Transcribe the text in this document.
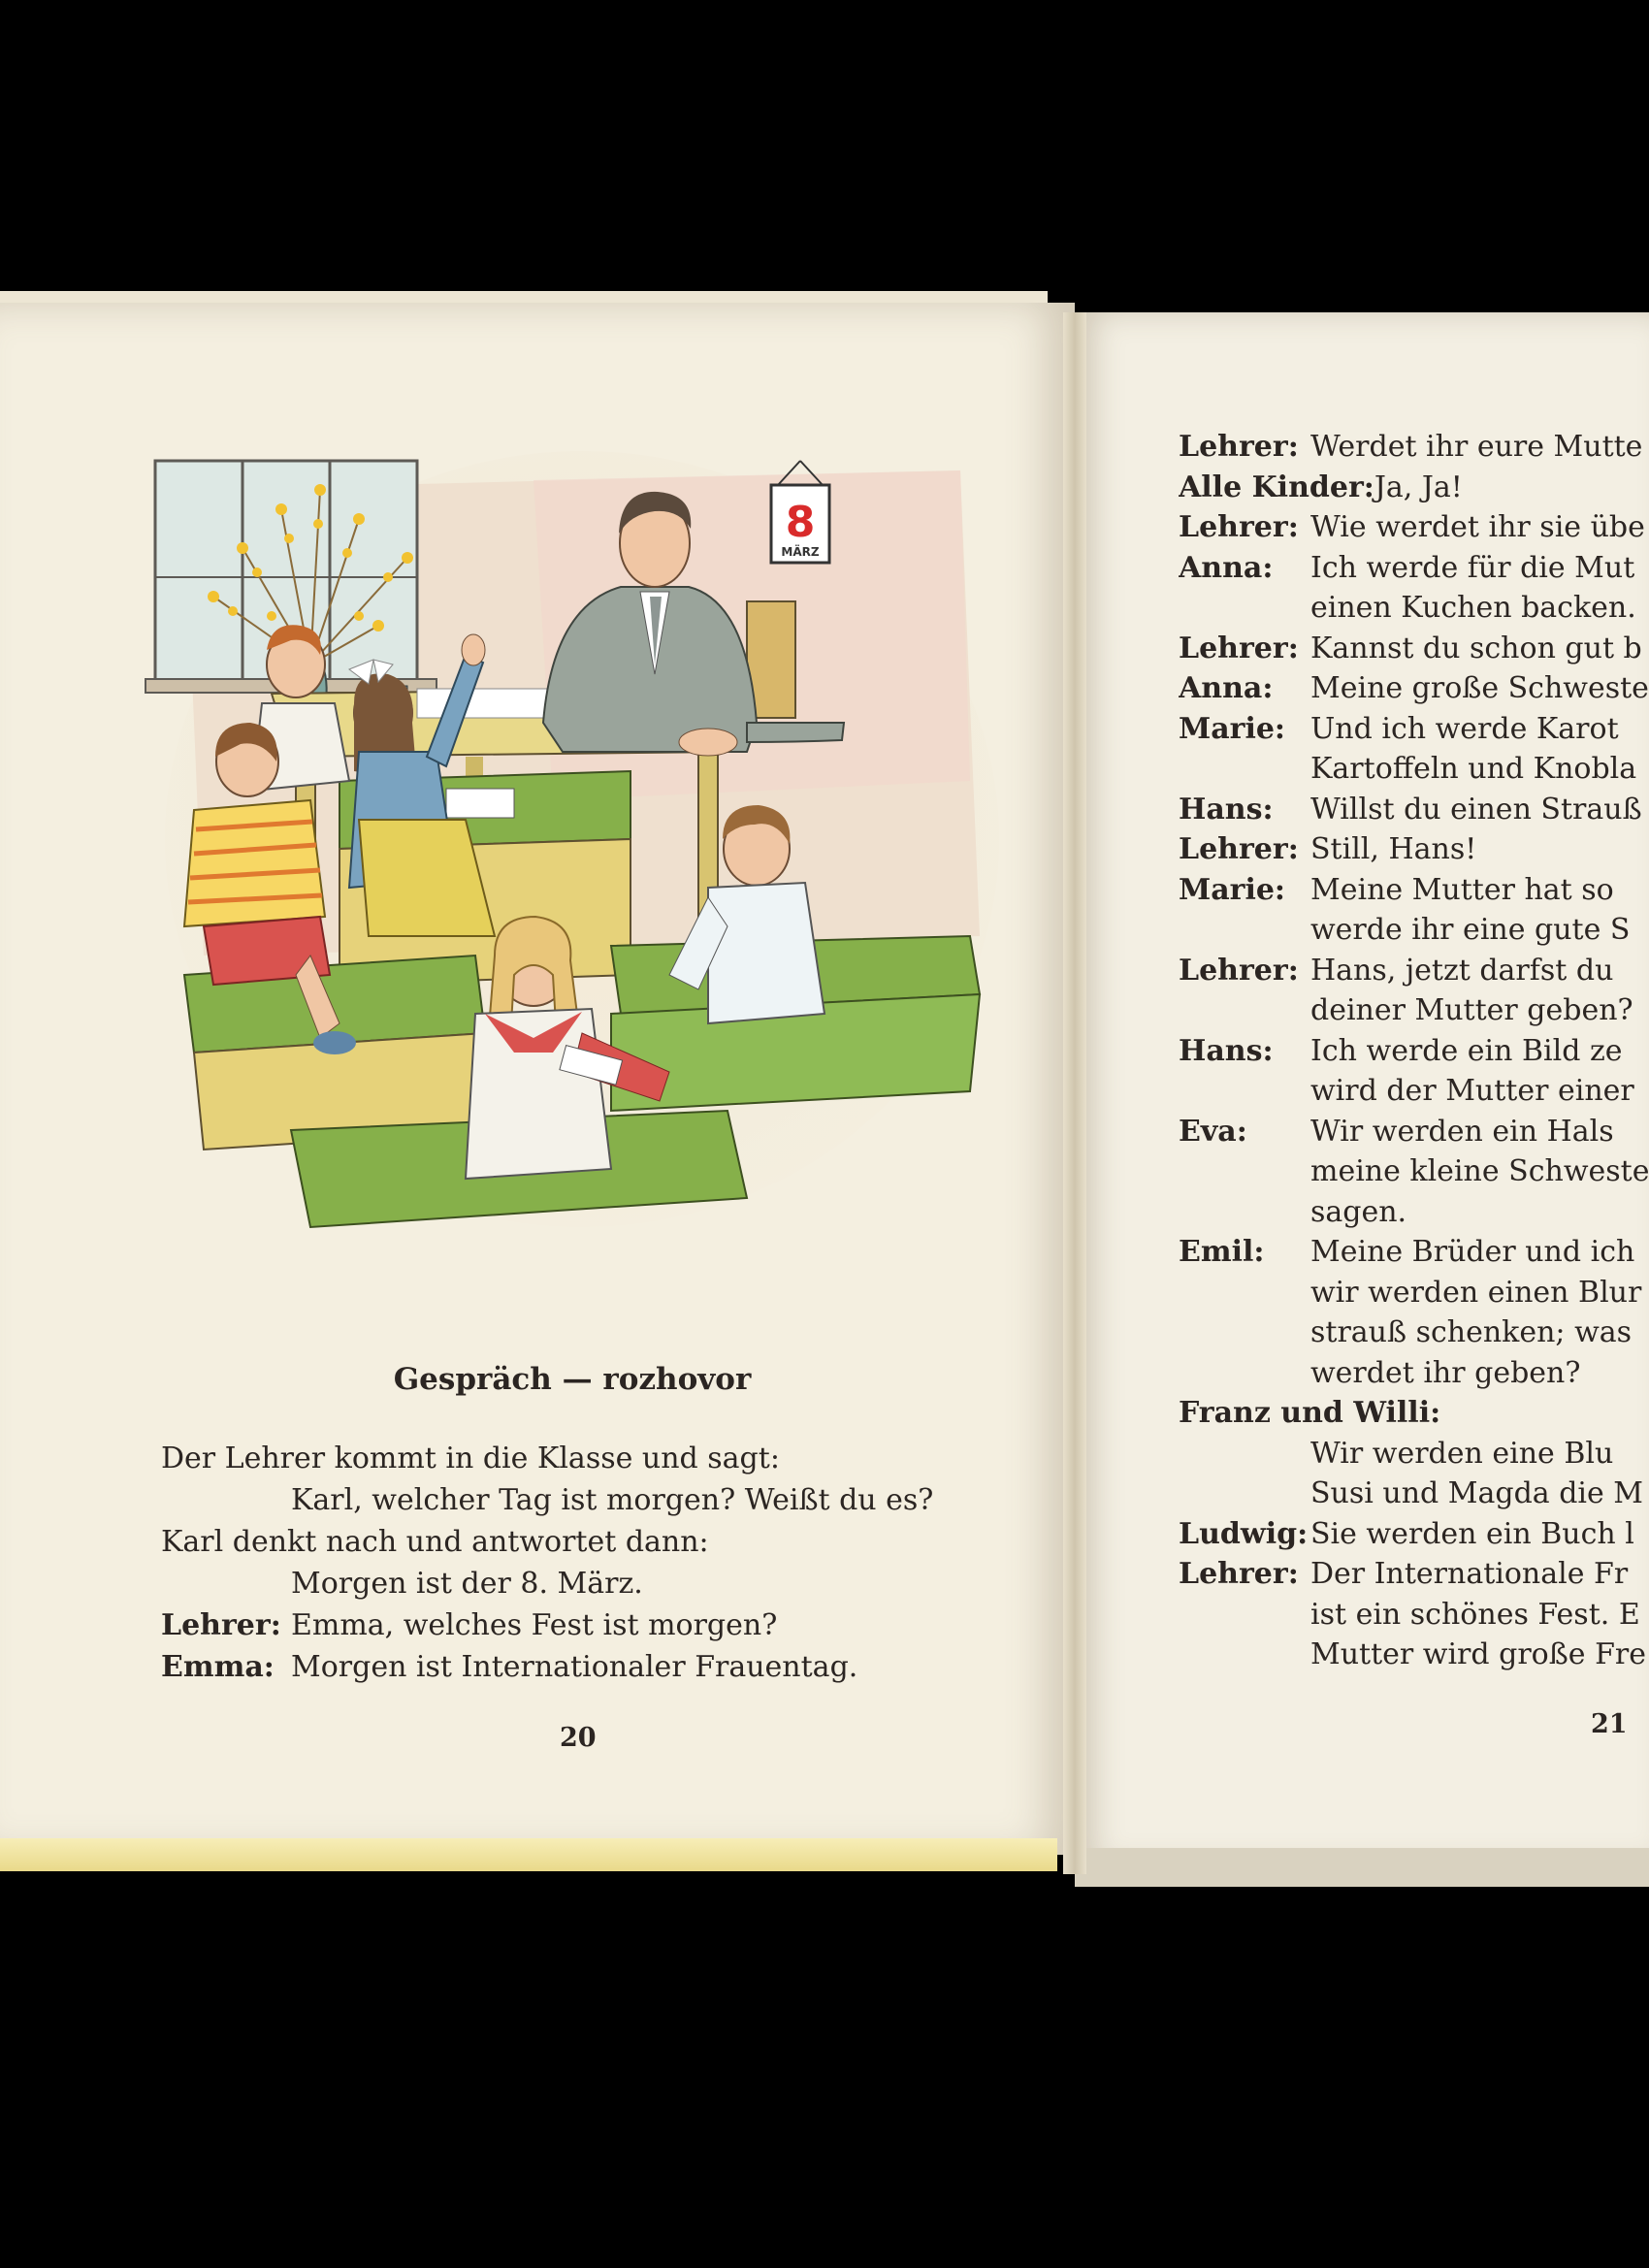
8
MÄRZ
Gespräch — rozhovor
Der Lehrer kommt in die Klasse und sagt:
Karl, welcher Tag ist morgen? Weißt du es?
Karl denkt nach und antwortet dann:
Morgen ist der 8. März.
Lehrer: Emma, welches Fest ist morgen?
Emma: Morgen ist Internationaler Frauentag.
20
Lehrer: Werdet ihr eure Mutte
Alle Kinder: Ja, Ja!
Lehrer: Wie werdet ihr sie übe
Anna:	Ich werde für die Mut
einen Kuchen backen.
Lehrer: Kannst du schon gut b
Anna:	Meine große Schweste
Marie: Und ich werde Karot
Kartoffeln und Knobla
Hans:	Willst du einen Strauß
Lehrer: Still, Hans!
Marie: Meine Mutter hat so
werde ihr eine gute S
Lehrer: Hans, jetzt darfst du
deiner Mutter geben?
Hans:	Ich werde ein Bild ze
wird der Mutter einer
Eva:	Wir werden ein Hals
meine kleine Schweste
sagen.
Emil:	Meine Brüder und ich
wir werden einen Blur
strauß schenken; was
werdet ihr geben?
Franz und Willi:
Wir werden eine Blu
Susi und Magda die M
Ludwig: Sie werden ein Buch l
Lehrer: Der Internationale Fr
ist ein schönes Fest. E
Mutter wird große Fre
21
